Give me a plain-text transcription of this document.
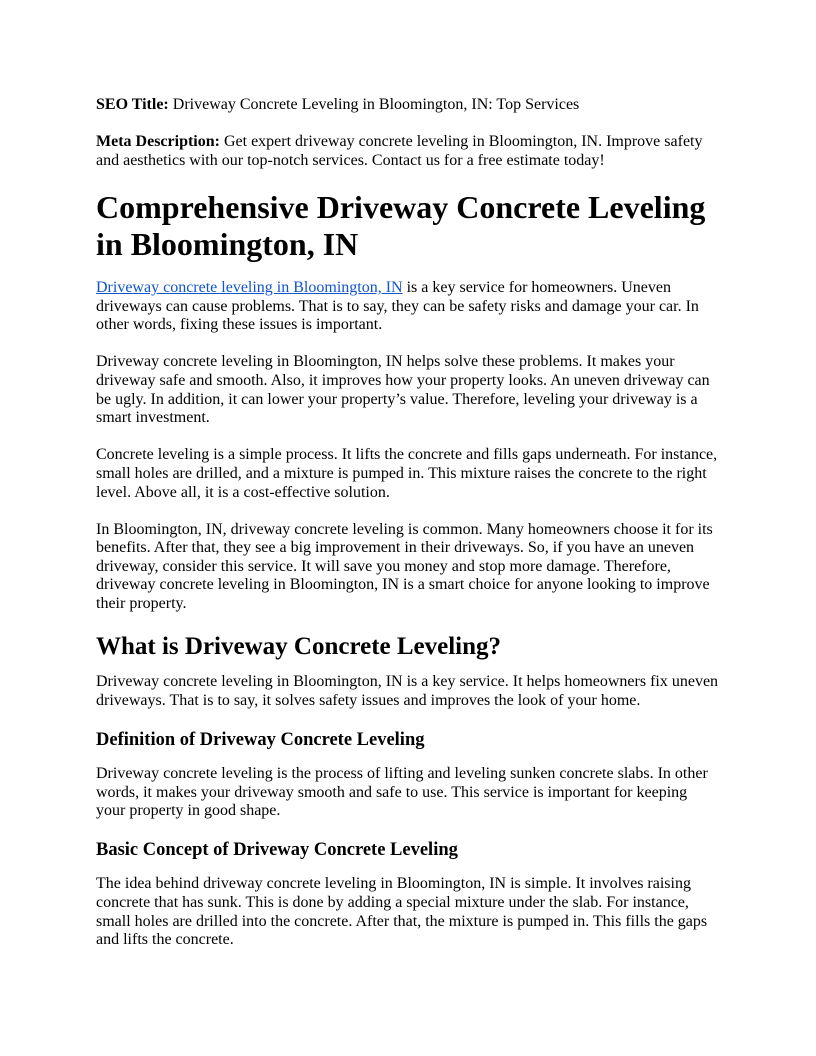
SEO Title: Driveway Concrete Leveling in Bloomington, IN: Top Services

Meta Description: Get expert driveway concrete leveling in Bloomington, IN. Improve safety and aesthetics with our top-notch services. Contact us for a free estimate today!

Comprehensive Driveway Concrete Leveling in Bloomington, IN

Driveway concrete leveling in Bloomington, IN is a key service for homeowners. Uneven driveways can cause problems. That is to say, they can be safety risks and damage your car. In other words, fixing these issues is important.

Driveway concrete leveling in Bloomington, IN helps solve these problems. It makes your driveway safe and smooth. Also, it improves how your property looks. An uneven driveway can be ugly. In addition, it can lower your property’s value. Therefore, leveling your driveway is a smart investment.

Concrete leveling is a simple process. It lifts the concrete and fills gaps underneath. For instance, small holes are drilled, and a mixture is pumped in. This mixture raises the concrete to the right level. Above all, it is a cost-effective solution.

In Bloomington, IN, driveway concrete leveling is common. Many homeowners choose it for its benefits. After that, they see a big improvement in their driveways. So, if you have an uneven driveway, consider this service. It will save you money and stop more damage. Therefore, driveway concrete leveling in Bloomington, IN is a smart choice for anyone looking to improve their property.

What is Driveway Concrete Leveling?

Driveway concrete leveling in Bloomington, IN is a key service. It helps homeowners fix uneven driveways. That is to say, it solves safety issues and improves the look of your home.

Definition of Driveway Concrete Leveling

Driveway concrete leveling is the process of lifting and leveling sunken concrete slabs. In other words, it makes your driveway smooth and safe to use. This service is important for keeping your property in good shape.

Basic Concept of Driveway Concrete Leveling

The idea behind driveway concrete leveling in Bloomington, IN is simple. It involves raising concrete that has sunk. This is done by adding a special mixture under the slab. For instance, small holes are drilled into the concrete. After that, the mixture is pumped in. This fills the gaps and lifts the concrete.
